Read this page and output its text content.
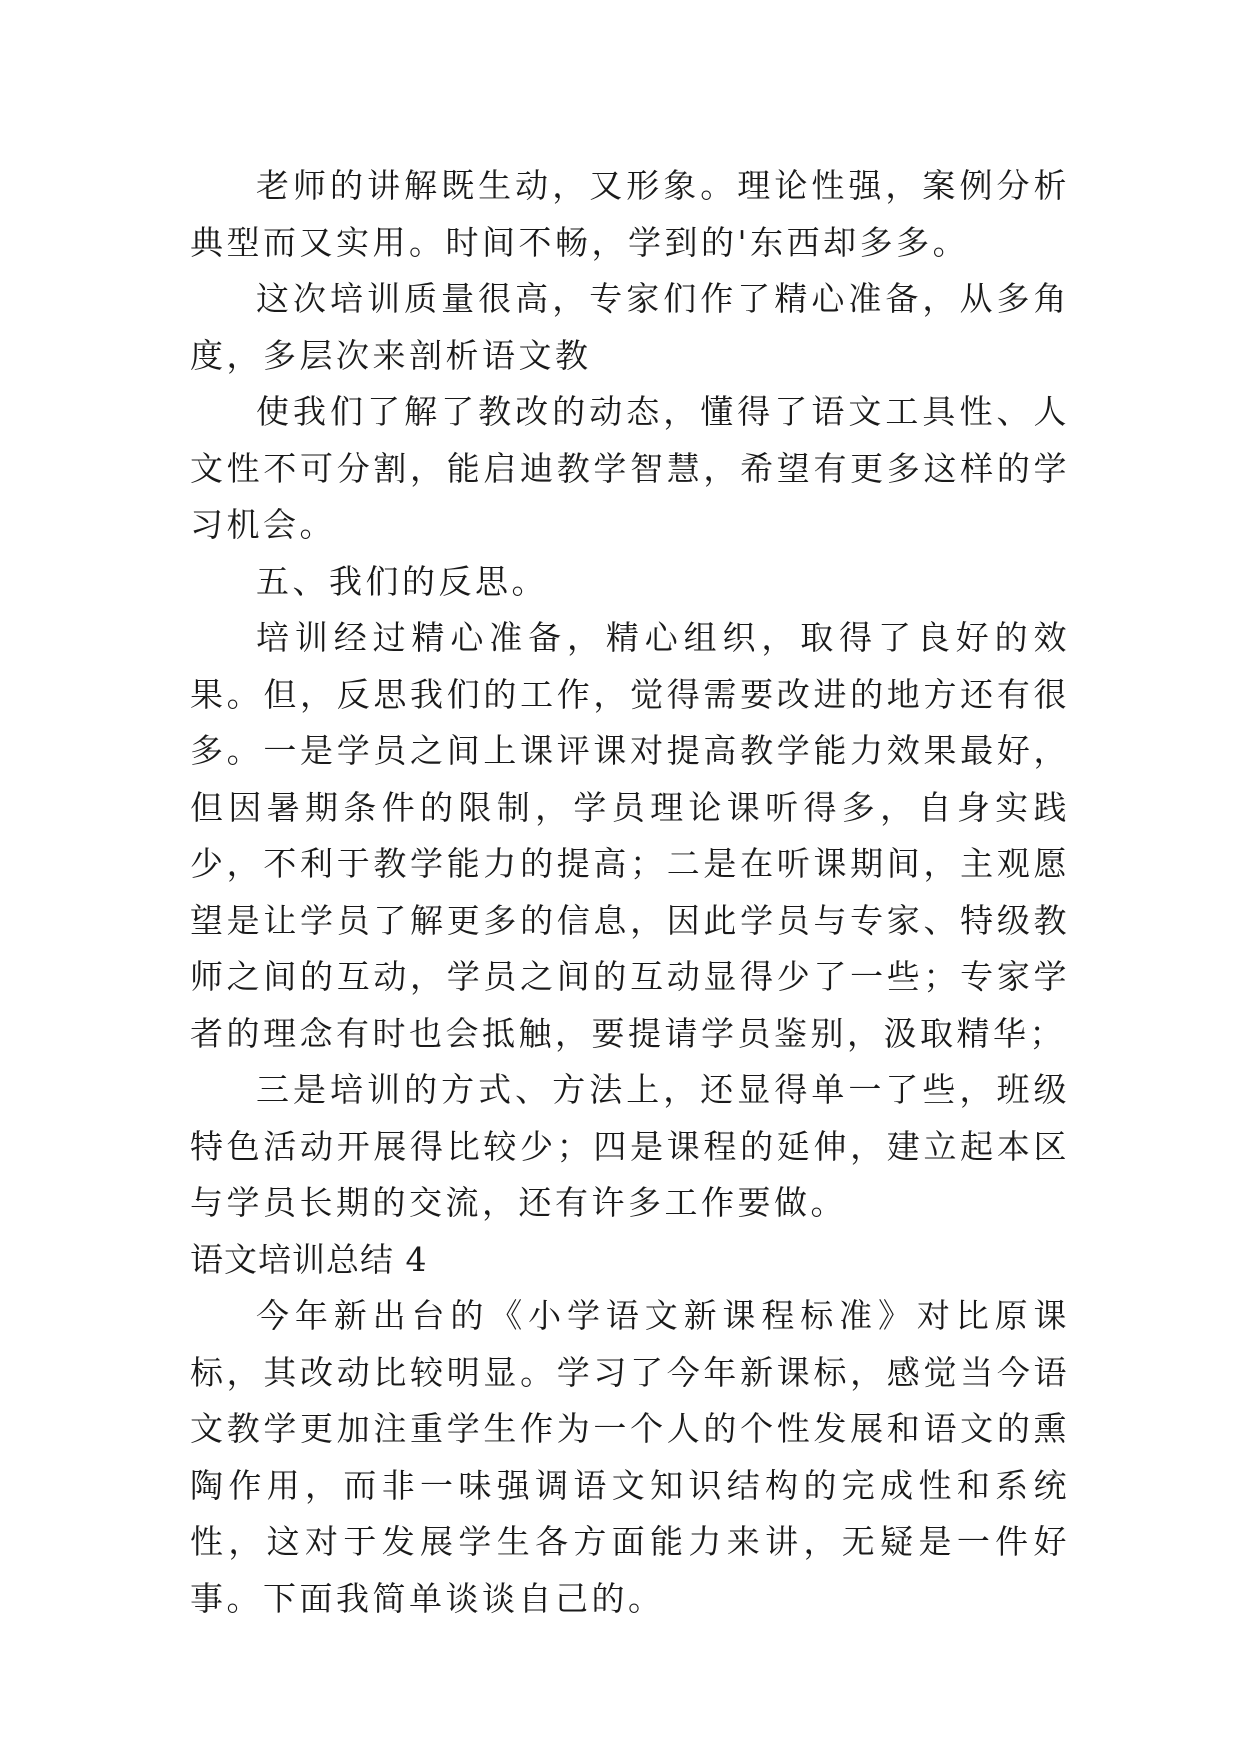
老师的讲解既生动，又形象。理论性强，案例分析典型而又实用。时间不畅，学到的'东西却多多。

这次培训质量很高，专家们作了精心准备，从多角度，多层次来剖析语文教

使我们了解了教改的动态，懂得了语文工具性、人文性不可分割，能启迪教学智慧，希望有更多这样的学习机会。

五、我们的反思。

培训经过精心准备，精心组织，取得了良好的效果。但，反思我们的工作，觉得需要改进的地方还有很多。一是学员之间上课评课对提高教学能力效果最好，但因暑期条件的限制，学员理论课听得多，自身实践少，不利于教学能力的提高；二是在听课期间，主观愿望是让学员了解更多的信息，因此学员与专家、特级教师之间的互动，学员之间的互动显得少了一些；专家学者的理念有时也会抵触，要提请学员鉴别，汲取精华；

三是培训的方式、方法上，还显得单一了些，班级特色活动开展得比较少；四是课程的延伸，建立起本区与学员长期的交流，还有许多工作要做。

语文培训总结 4

今年新出台的《小学语文新课程标准》对比原课标，其改动比较明显。学习了今年新课标，感觉当今语文教学更加注重学生作为一个人的个性发展和语文的熏陶作用，而非一味强调语文知识结构的完成性和系统性，这对于发展学生各方面能力来讲，无疑是一件好事。下面我简单谈谈自己的。
